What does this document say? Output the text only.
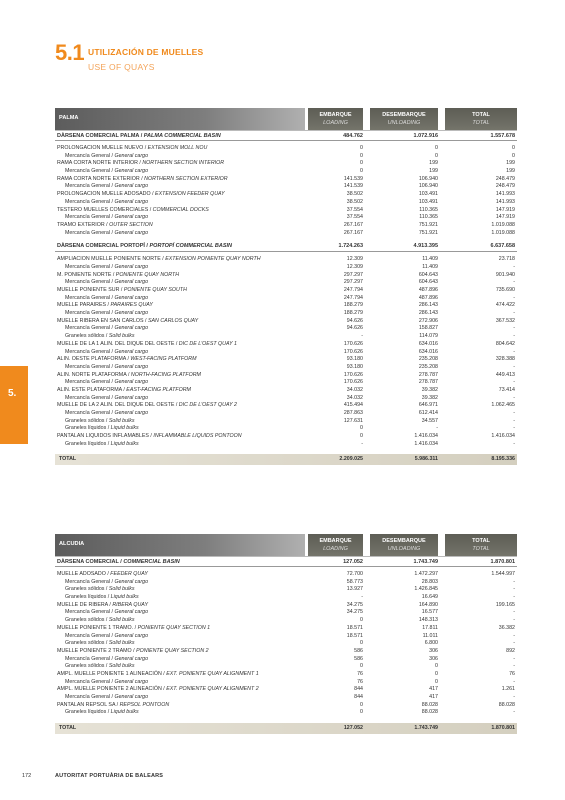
5.1 UTILIZACIÓN DE MUELLES
USE OF QUAYS
5.
PALMA	EMBARQUE
LOADING
DESEMBARQUE
UNLOADING
TOTAL
TOTAL
DÀRSENA COMERCIAL PALMA / PALMA COMMERCIAL BASIN	484.762	1.072.916	1.557.678
PROLONGACION MUELLE NUEVO / EXTENSION MOLL NOU	0	0	0
Mercancía General / General cargo	0	0	0
RAMA CORTA NORTE INTERIOR / NORTHERN SECTION INTERIOR	0	199	199
Mercancía General / General cargo	0	199	199
RAMA CORTA NORTE EXTERIOR / NORTHERN SECTION EXTERIOR	141.539	106.940	248.479
Mercancía General / General cargo	141.539	106.940	248.479
PROLONGACION MUELLE ADOSADO / EXTENSION FEEDER QUAY	38.502	103.491	141.993
Mercancía General / General cargo	38.502	103.491	141.993
TESTERO MUELLES COMERCIALES / COMMERCIAL DOCKS	37.554	110.365	147.919
Mercancía General / General cargo	37.554	110.365	147.919
TRAMO EXTERIOR / OUTER SECTION	267.167	751.921	1.019.088
Mercancía General / General cargo	267.167	751.921	1.019.088
DÀRSENA COMERCIAL PORTOPÍ / PORTOPÍ COMMERCIAL BASIN	1.724.263	4.913.395	6.637.658
AMPLIACION MUELLE PONIENTE NORTE / EXTENSION PONIENTE QUAY NORTH	12.309	11.409	23.718
Mercancía General / General cargo	12.309	11.409	-
M. PONIENTE NORTE / PONIENTE QUAY NORTH	297.297	604.643	901.940
Mercancía General / General cargo	297.297	604.643	-
MUELLE PONIENTE SUR / PONIENTE QUAY SOUTH	247.794	487.896	735.690
Mercancía General / General cargo	247.794	487.896	-
MUELLE PARAIRES / PARAIRES QUAY	188.279	286.143	474.422
Mercancía General / General cargo	188.279	286.143	-
MUELLE RIBERA EN SAN CARLOS / SAN CARLOS QUAY	94.626	272.906	367.532
Mercancía General / General cargo	94.626	158.827	-
Graneles sólidos / Solid bulks	-	114.079	-
MUELLE DE LA 1 ALIN. DEL DIQUE DEL OESTE / DIC DE L'OEST QUAY 1	170.626	634.016	804.642
Mercancía General / General cargo	170.626	634.016	-
ALIN. OESTE PLATAFORMA / WEST-FACING PLATFORM	93.180	235.208	328.388
Mercancía General / General cargo	93.180	235.208	-
ALIN. NORTE PLATAFORMA / NORTH-FACING PLATFORM	170.626	278.787	449.413
Mercancía General / General cargo	170.626	278.787	-
ALIN. ESTE PLATAFORMA / EAST-FACING PLATFORM	34.032	39.382	73.414
Mercancía General / General cargo	34.032	39.382	-
MUELLE DE LA 2 ALIN. DEL DIQUE DEL OESTE / DIC DE L'OEST QUAY 2	415.494	646.971	1.062.465
Mercancía General / General cargo	287.863	612.414	-
Graneles sólidos / Solid bulks	127.631	34.557	-
Graneles líquidos / Liquid bulks	0	-	-
PANTALAN LIQUIDOS INFLAMABLES / INFLAMMABLE LIQUIDS PONTOON	0	1.416.034	1.416.034
Graneles líquidos / Liquid bulks	-	1.416.034	-
TOTAL	2.209.025	5.986.311	8.195.336
ALCUDIA	EMBARQUE
LOADING
DESEMBARQUE
UNLOADING
TOTAL
TOTAL
DÀRSENA COMERCIAL / COMMERCIAL BASIN	127.052	1.743.749	1.870.801
MUELLE ADOSADO / FEEDER QUAY	72.700	1.472.297	1.544.997
Mercancía General / General cargo	58.773	28.803	-
Graneles sólidos / Solid bulks	13.927	1.426.845	-
Graneles líquidos / Liquid bulks	-	16.649	-
MUELLE DE RIBERA / RIBERA QUAY	34.275	164.890	199.165
Mercancía General / General cargo	34.275	16.577	-
Graneles sólidos / Solid bulks	0	148.313	-
MUELLE PONIENTE 1 TRAMO. / PONIENTE QUAY SECTION 1	18.571	17.811	36.382
Mercancía General / General cargo	18.571	11.011	-
Graneles sólidos / Solid bulks	0	6.800	-
MUELLE PONIENTE 2 TRAMO / PONIENTE QUAY SECTION 2	586	306	892
Mercancía General / General cargo	586	306	-
Graneles sólidos / Solid bulks	0	0	-
AMPL. MUELLE PONIENTE 1 ALINEACIÓN / EXT. PONIENTE QUAY ALIGNMENT 1	76	0	76
Mercancía General / General cargo	76	0	-
AMPL. MUELLE PONIENTE 2 ALINEACIÓN / EXT. PONIENTE QUAY ALIGNMENT 2	844	417	1.261
Mercancía General / General cargo	844	417	-
PANTALAN REPSOL SA / REPSOL PONTOON	0	88.028	88.028
Graneles líquidos / Liquid bulks	0	88.028	-
TOTAL	127.052	1.743.749	1.870.801
172	AUTORITAT PORTUÀRIA DE BALEARS
